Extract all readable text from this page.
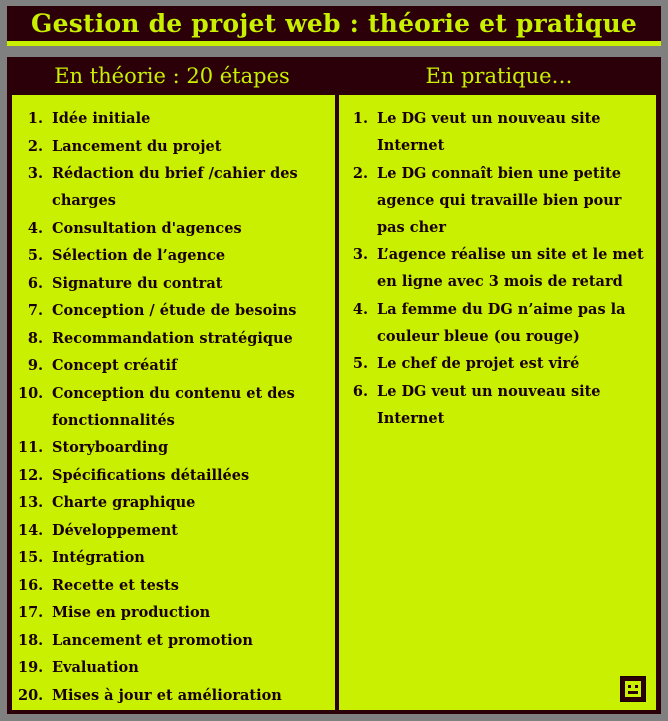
Gestion de projet web : théorie et pratique
En théorie : 20 étapes
1. Idée initiale
2. Lancement du projet
3. Rédaction du brief /cahier des charges
4. Consultation d'agences
5. Sélection de l’agence
6. Signature du contrat
7. Conception / étude de besoins
8. Recommandation stratégique
9. Concept créatif
10. Conception du contenu et des fonctionnalités
11. Storyboarding
12. Spécifications détaillées
13. Charte graphique
14. Développement
15. Intégration
16. Recette et tests
17. Mise en production
18. Lancement et promotion
19. Evaluation
20. Mises à jour et amélioration
En pratique…
1. Le DG veut un nouveau site Internet
2. Le DG connaît bien une petite agence qui travaille bien pour pas cher
3. L’agence réalise un site et le met en ligne avec 3 mois de retard
4. La femme du DG n’aime pas la couleur bleue (ou rouge)
5. Le chef de projet est viré
6. Le DG veut un nouveau site Internet
